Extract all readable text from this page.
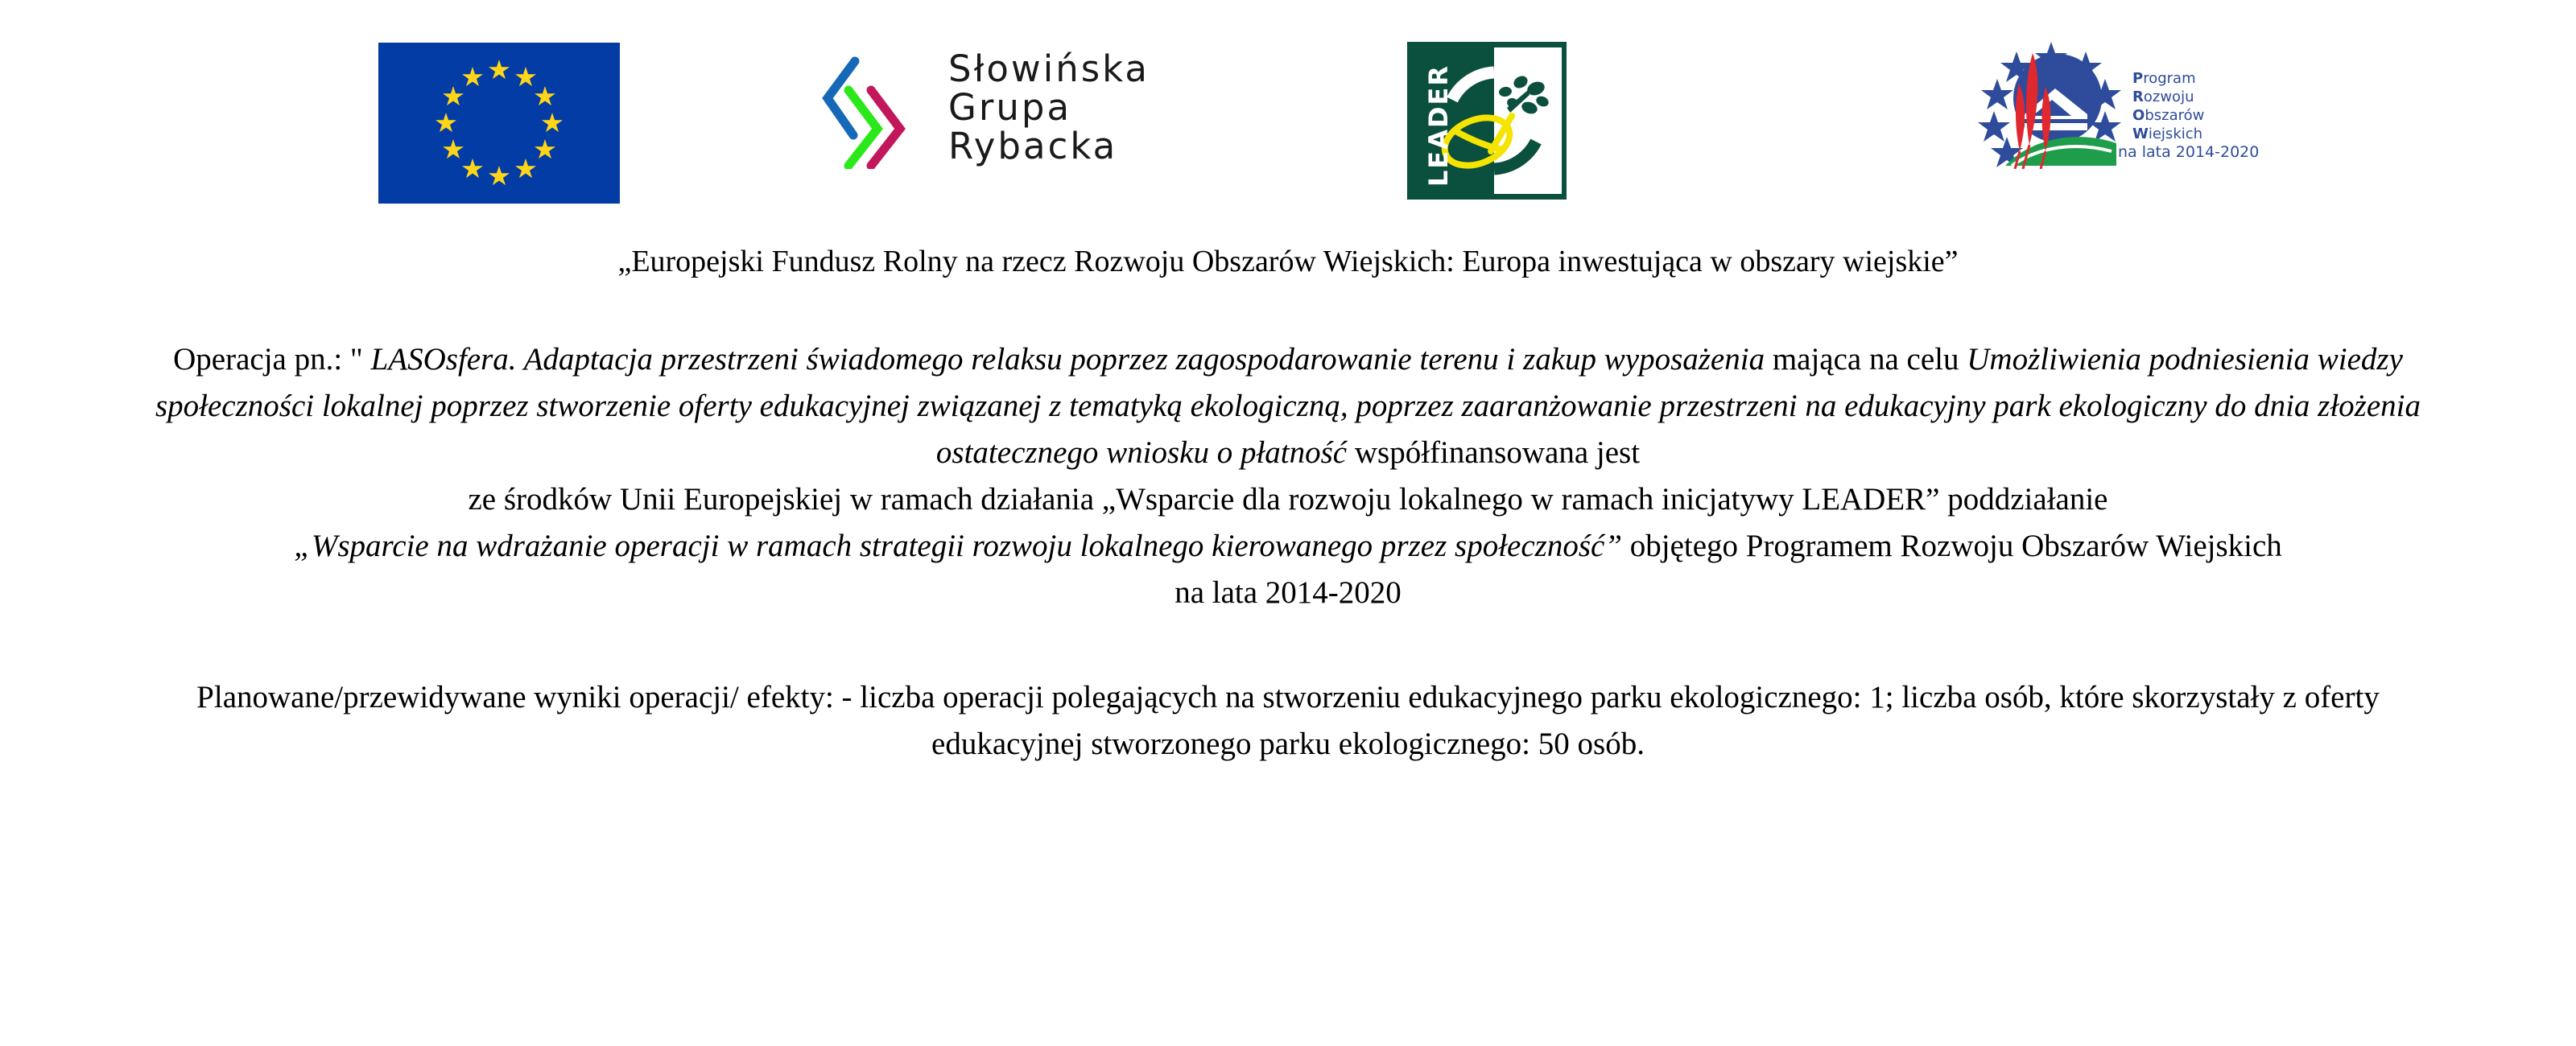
Słowińska
Grupa
Rybacka	LEADER	Program
Rozwoju
Obszarów
Wiejskich
na lata 2014-2020

„Europejski Fundusz Rolny na rzecz Rozwoju Obszarów Wiejskich: Europa inwestująca w obszary wiejskie”

Operacja pn.: " LASOsfera. Adaptacja przestrzeni świadomego relaksu poprzez zagospodarowanie terenu i zakup wyposażenia mająca na celu Umożliwienia podniesienia wiedzy społeczności lokalnej poprzez stworzenie oferty edukacyjnej związanej z tematyką ekologiczną, poprzez zaaranżowanie przestrzeni na edukacyjny park ekologiczny do dnia złożenia ostatecznego wniosku o płatność współfinansowana jest
ze środków Unii Europejskiej w ramach działania „Wsparcie dla rozwoju lokalnego w ramach inicjatywy LEADER” poddziałanie
„Wsparcie na wdrażanie operacji w ramach strategii rozwoju lokalnego kierowanego przez społeczność” objętego Programem Rozwoju Obszarów Wiejskich
na lata 2014-2020

Planowane/przewidywane wyniki operacji/ efekty: - liczba operacji polegających na stworzeniu edukacyjnego parku ekologicznego: 1; liczba osób, które skorzystały z oferty edukacyjnej stworzonego parku ekologicznego: 50 osób.
